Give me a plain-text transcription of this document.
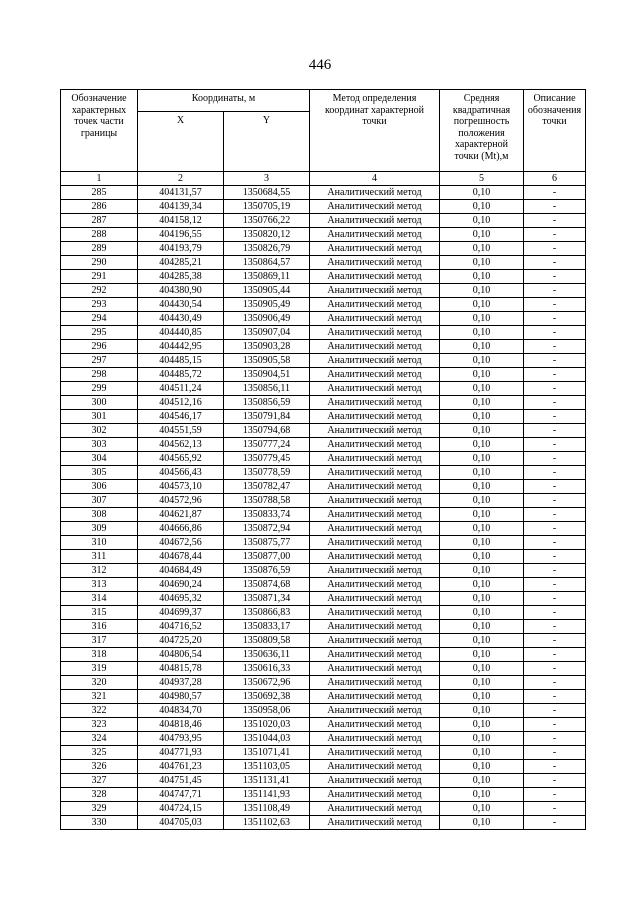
446
Обозначение характерных точек части границы	Координаты, м		Метод определения координат характерной точки	Средняя квадратичная погрешность положения характерной точки (Mt),м	Описание обозначения точки
	X	Y			
1	2	3	4	5	6
285	404131,57	1350684,55	Аналитический метод	0,10	-
286	404139,34	1350705,19	Аналитический метод	0,10	-
287	404158,12	1350766,22	Аналитический метод	0,10	-
288	404196,55	1350820,12	Аналитический метод	0,10	-
289	404193,79	1350826,79	Аналитический метод	0,10	-
290	404285,21	1350864,57	Аналитический метод	0,10	-
291	404285,38	1350869,11	Аналитический метод	0,10	-
292	404380,90	1350905,44	Аналитический метод	0,10	-
293	404430,54	1350905,49	Аналитический метод	0,10	-
294	404430,49	1350906,49	Аналитический метод	0,10	-
295	404440,85	1350907,04	Аналитический метод	0,10	-
296	404442,95	1350903,28	Аналитический метод	0,10	-
297	404485,15	1350905,58	Аналитический метод	0,10	-
298	404485,72	1350904,51	Аналитический метод	0,10	-
299	404511,24	1350856,11	Аналитический метод	0,10	-
300	404512,16	1350856,59	Аналитический метод	0,10	-
301	404546,17	1350791,84	Аналитический метод	0,10	-
302	404551,59	1350794,68	Аналитический метод	0,10	-
303	404562,13	1350777,24	Аналитический метод	0,10	-
304	404565,92	1350779,45	Аналитический метод	0,10	-
305	404566,43	1350778,59	Аналитический метод	0,10	-
306	404573,10	1350782,47	Аналитический метод	0,10	-
307	404572,96	1350788,58	Аналитический метод	0,10	-
308	404621,87	1350833,74	Аналитический метод	0,10	-
309	404666,86	1350872,94	Аналитический метод	0,10	-
310	404672,56	1350875,77	Аналитический метод	0,10	-
311	404678,44	1350877,00	Аналитический метод	0,10	-
312	404684,49	1350876,59	Аналитический метод	0,10	-
313	404690,24	1350874,68	Аналитический метод	0,10	-
314	404695,32	1350871,34	Аналитический метод	0,10	-
315	404699,37	1350866,83	Аналитический метод	0,10	-
316	404716,52	1350833,17	Аналитический метод	0,10	-
317	404725,20	1350809,58	Аналитический метод	0,10	-
318	404806,54	1350636,11	Аналитический метод	0,10	-
319	404815,78	1350616,33	Аналитический метод	0,10	-
320	404937,28	1350672,96	Аналитический метод	0,10	-
321	404980,57	1350692,38	Аналитический метод	0,10	-
322	404834,70	1350958,06	Аналитический метод	0,10	-
323	404818,46	1351020,03	Аналитический метод	0,10	-
324	404793,95	1351044,03	Аналитический метод	0,10	-
325	404771,93	1351071,41	Аналитический метод	0,10	-
326	404761,23	1351103,05	Аналитический метод	0,10	-
327	404751,45	1351131,41	Аналитический метод	0,10	-
328	404747,71	1351141,93	Аналитический метод	0,10	-
329	404724,15	1351108,49	Аналитический метод	0,10	-
330	404705,03	1351102,63	Аналитический метод	0,10	-
